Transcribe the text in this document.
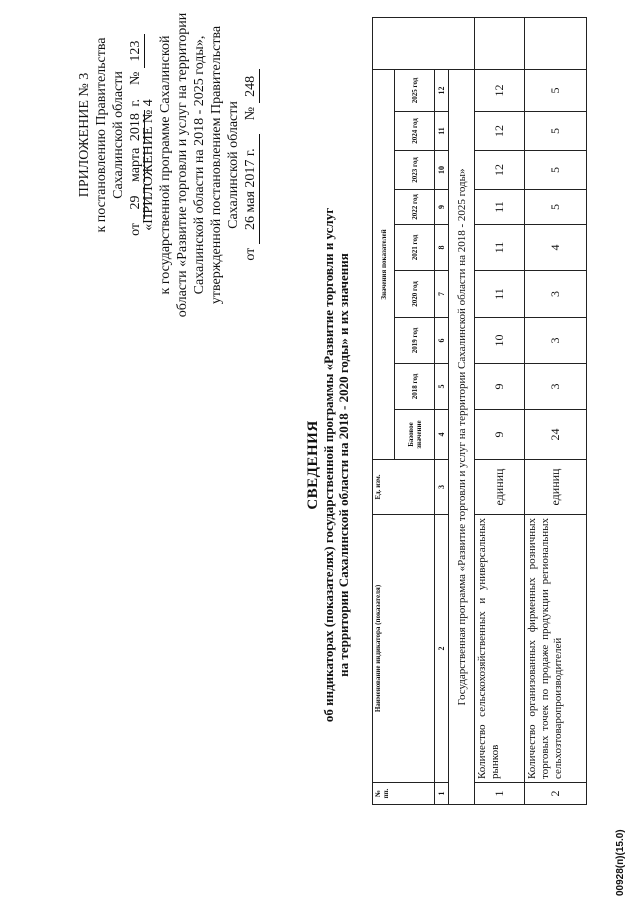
ПРИЛОЖЕНИЕ № 3 к постановлению Правительства Сахалинской области
от 29 марта 2018 г.    № 123
«ПРИЛОЖЕНИЕ № 4 к государственной программе Сахалинской области «Развитие торговли и услуг на территории Сахалинской области на 2018 - 2025 годы», утвержденной постановлением Правительства Сахалинской области
от 26 мая 2017 г.    № 248
СВЕДЕНИЯ об индикаторах (показателях) государственной программы «Развитие торговли и услуг на территории Сахалинской области на 2018 - 2020 годы» и их значения
№ пп.	Наименование индикатора (показателя)	Ед. изм.	Значения показателей									
			Базовое значение	2018 год	2019 год	2020 год	2021 год	2022 год	2023 год	2024 год	2025 год	
1	2	3	4	5	6	7	8	9	10	11	12	
Государственная программа «Развитие торговли и услуг на территории Сахалинской области на 2018 - 2025 годы»												
1	Количество сельскохозяйственных и универсальных рынков	единиц	9	9	10	11	11	11	12	12	12	
2	Количество организованных фирменных розничных торговых точек по продаже продукции региональных сельхозтоваропроизводителей	единиц	24	3	3	3	4	5	5	5	5	
00928(п)(15.0)
